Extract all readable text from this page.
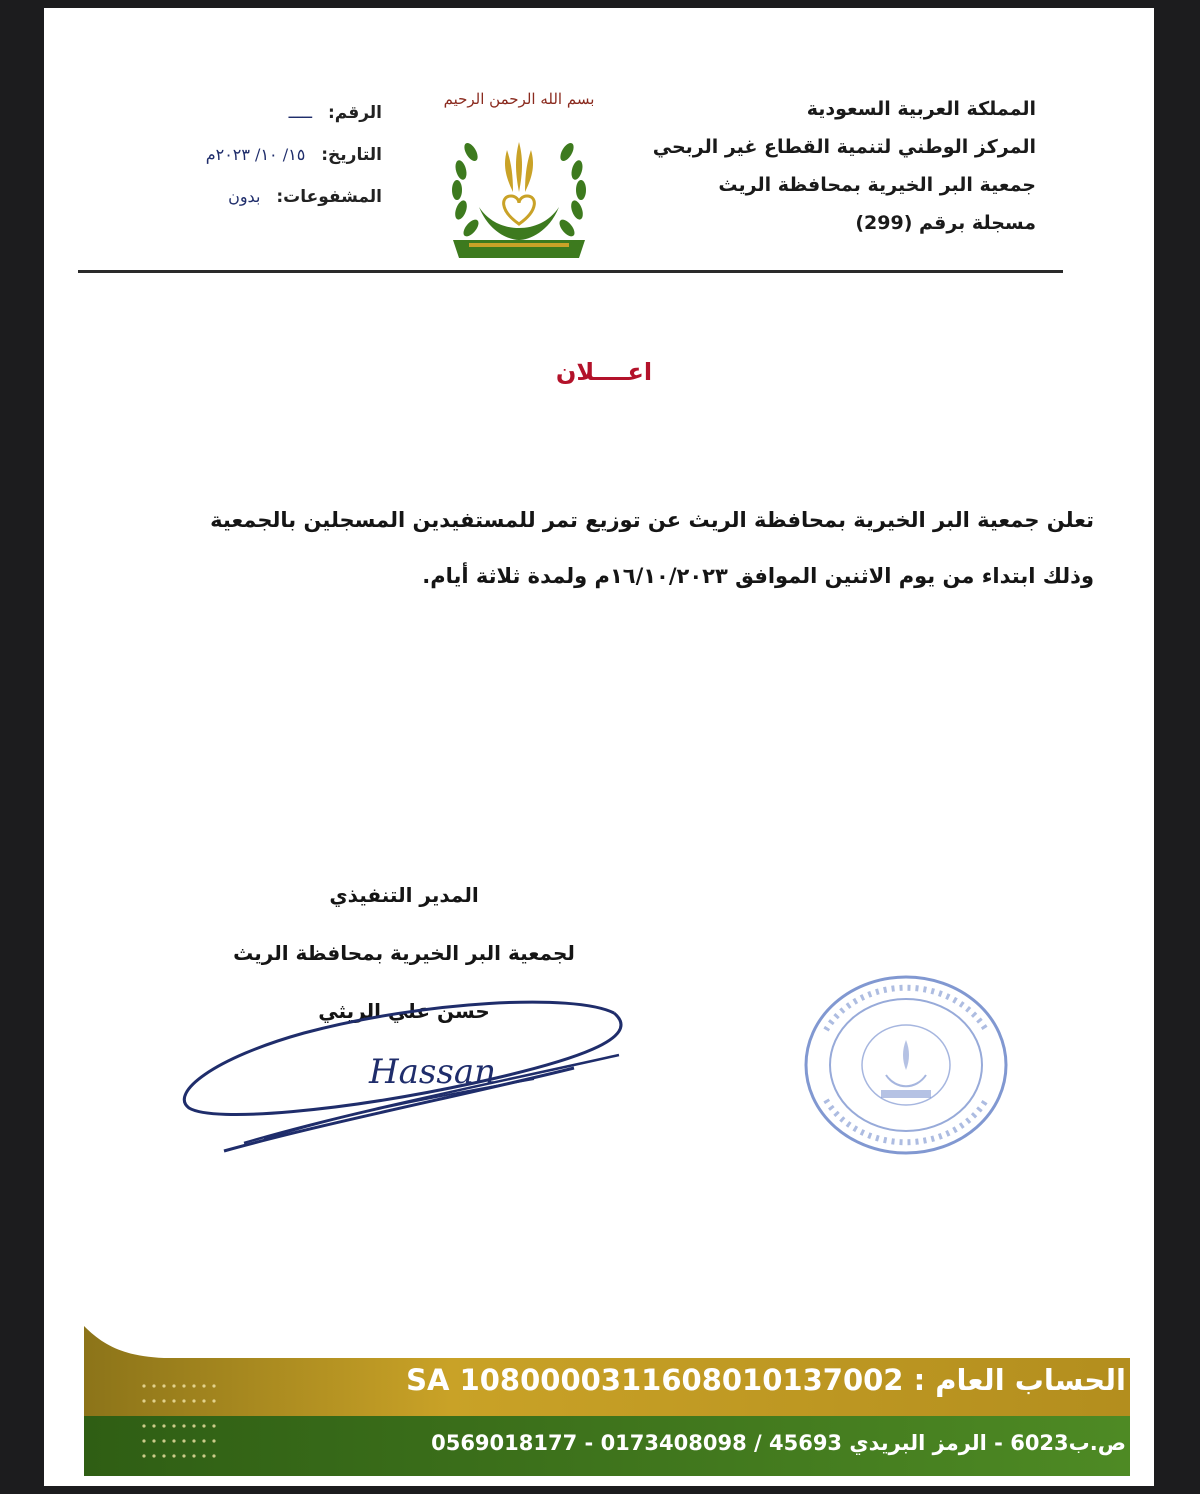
المملكة العربية السعودية
المركز الوطني لتنمية القطاع غير الربحي
جمعية البر الخيرية بمحافظة الريث
مسجلة برقم (299)
بسم الله الرحمن الرحيم
الرقم: ـــــ
التاريخ: ١٥/ ١٠/ ٢٠٢٣م
المشفوعات: بدون
اعــــلان
تعلن جمعية البر الخيرية بمحافظة الريث عن توزيع تمر للمستفيدين المسجلين بالجمعية
وذلك ابتداء من يوم الاثنين الموافق ١٦/١٠/٢٠٢٣م ولمدة ثلاثة أيام.
المدير التنفيذي
لجمعية البر الخيرية بمحافظة الريث
حسن علي الريثي
Hassan
الحساب العام : SA 1080000311608010137002
ص.ب6023 - الرمز البريدي 45693 / 0173408098 - 0569018177
